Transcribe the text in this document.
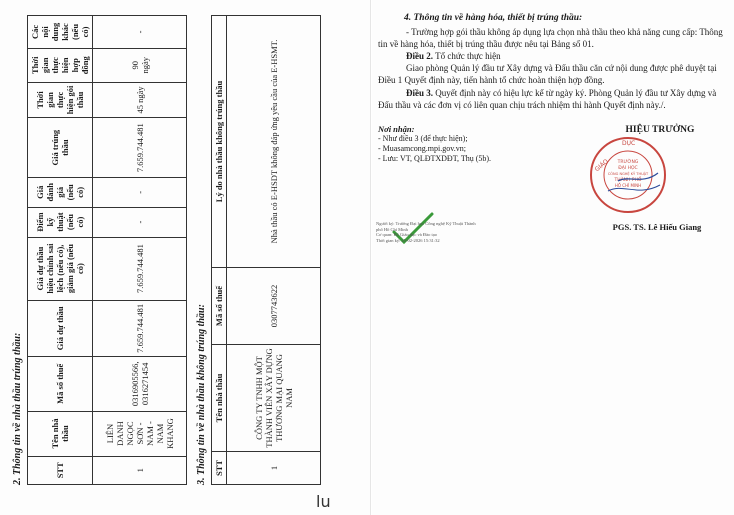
2. Thông tin về nhà thầu trúng thầu:	STT	Tên nhà thầu	Mã số thuế	Giá dự thầu	Giá dự thầu hiệu chỉnh sai lệch (nếu có), giảm giá (nếu có)	Điểm kỹ thuật (nếu có)	Giá đánh giá (nếu có)	Giá trúng thầu	Thời gian thực hiện gói thầu	Thời gian thực hiện hợp đồng	Các nội dung khác (nếu có)
1	LIÊN DANH NGỌC SƠN - NAM - NAM KHANG	0316905566, 0316271454	7.659.744.481	7.659.744.481	-	-	7.659.744.481	45 ngày	90 ngày	-
3. Thông tin về nhà thầu không trúng thầu: STT	Tên nhà thầu	Mã số thuế	Lý do nhà thầu không trúng thầu
1	CÔNG TY TNHH MỘT THÀNH VIÊN XÂY DỰNG THƯƠNG MẠI QUANG NAM	0307743622	Nhà thầu có E-HSDT không đáp ứng yêu cầu của E-HSMT.
lu
4. Thông tin về hàng hóa, thiết bị trúng thầu:
- Trường hợp gói thầu không áp dụng lựa chọn nhà thầu theo khả năng cung cấp: Thông tin về hàng hóa, thiết bị trúng thầu được nêu tại Bảng số 01.
Điều 2. Tổ chức thực hiện
Giao phòng Quản lý đầu tư Xây dựng và Đấu thầu căn cứ nội dung được phê duyệt tại Điều 1 Quyết định này, tiến hành tổ chức hoàn thiện hợp đồng.
Điều 3. Quyết định này có hiệu lực kể từ ngày ký. Phòng Quản lý đầu tư Xây dựng và Đấu thầu và các đơn vị có liên quan chịu trách nhiệm thi hành Quyết định này./.
Nơi nhận:
- Như điều 3 (để thực hiện);
- Muasamcong.mpi.gov.vn;
- Lưu: VT, QLĐTXDĐT, Thụ (5b).
HIỆU TRƯỞNG
GIÁO
DỤC
TRƯỜNG
ĐẠI HỌC
CÔNG NGHỆ KỸ THUẬT
THÀNH PHỐ
HỒ CHÍ MINH
PGS. TS. Lê Hiếu Giang
Người ký: Trường Đại học Công nghệ Kỹ Thuật Thành
phố Hồ Chí Minh
Cơ quan: Bộ Giáo dục và Đào tạo
Thời gian ký: 25-02-2026 15:31:32
